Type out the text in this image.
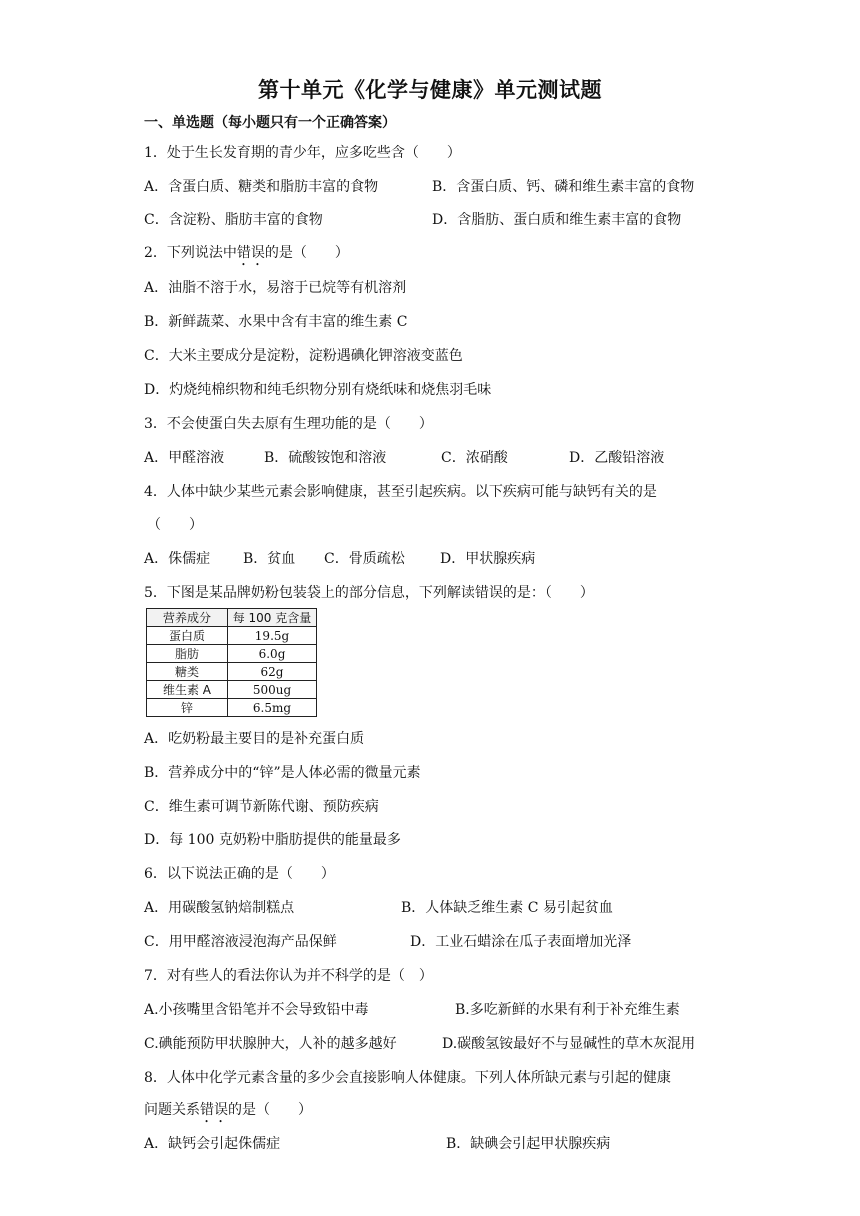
第十单元《化学与健康》单元测试题
一、单选题（每小题只有一个正确答案）
1．处于生长发育期的青少年，应多吃些含（　　）
A．含蛋白质、糖类和脂肪丰富的食物	B．含蛋白质、钙、磷和维生素丰富的食物
C．含淀粉、脂肪丰富的食物	D．含脂肪、蛋白质和维生素丰富的食物
2．下列说法中错误的是（　　）
A．油脂不溶于水，易溶于已烷等有机溶剂
B．新鲜蔬菜、水果中含有丰富的维生素 C
C．大米主要成分是淀粉，淀粉遇碘化钾溶液变蓝色
D．灼烧纯棉织物和纯毛织物分别有烧纸味和烧焦羽毛味
3．不会使蛋白失去原有生理功能的是（　　）
A．甲醛溶液	B．硫酸铵饱和溶液	C．浓硝酸	D．乙酸铅溶液
4．人体中缺少某些元素会影响健康，甚至引起疾病。以下疾病可能与缺钙有关的是
（　　）
A．侏儒症 B．贫血 C．骨质疏松	D．甲状腺疾病
5．下图是某品牌奶粉包装袋上的部分信息，下列解读错误的是：（　　）
营养成分	每 100 克含量
蛋白质	19.5g
脂肪	6.0g
糖类	62g
维生素 A	500ug
锌	6.5mg
A．吃奶粉最主要目的是补充蛋白质
B．营养成分中的“锌”是人体必需的微量元素
C．维生素可调节新陈代谢、预防疾病
D．每 100 克奶粉中脂肪提供的能量最多
6．以下说法正确的是（　　）
A．用碳酸氢钠焙制糕点	B．人体缺乏维生素 C 易引起贫血
C．用甲醛溶液浸泡海产品保鲜	D．工业石蜡涂在瓜子表面增加光泽
7．对有些人的看法你认为并不科学的是（　）
A.小孩嘴里含铅笔并不会导致铅中毒	B.多吃新鲜的水果有利于补充维生素
C.碘能预防甲状腺肿大，人补的越多越好	D.碳酸氢铵最好不与显碱性的草木灰混用
8．人体中化学元素含量的多少会直接影响人体健康。下列人体所缺元素与引起的健康
问题关系错误的是（　　）
A．缺钙会引起侏儒症	B．缺碘会引起甲状腺疾病
